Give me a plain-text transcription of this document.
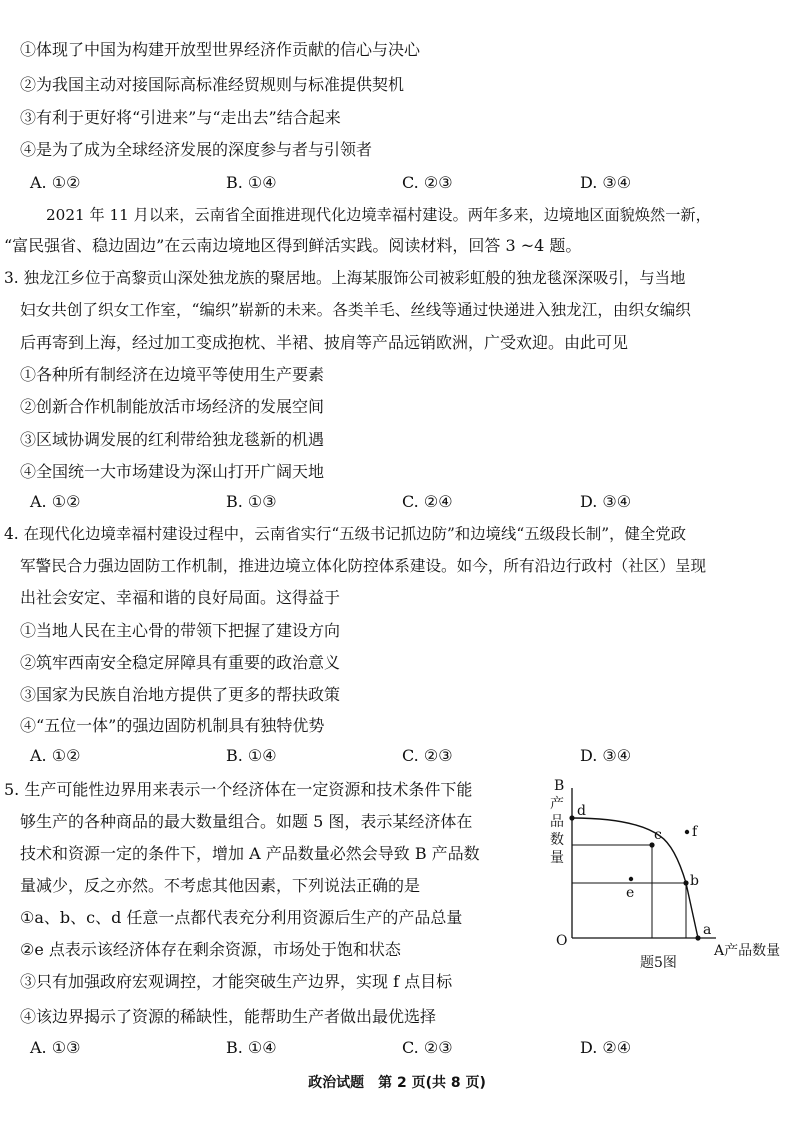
①体现了中国为构建开放型世界经济作贡献的信心与决心
②为我国主动对接国际高标准经贸规则与标准提供契机
③有利于更好将“引进来”与“走出去”结合起来
④是为了成为全球经济发展的深度参与者与引领者
A. ①②	B. ①④	C. ②③	D. ③④
2021 年 11 月以来，云南省全面推进现代化边境幸福村建设。两年多来，边境地区面貌焕然一新，
“富民强省、稳边固边”在云南边境地区得到鲜活实践。阅读材料，回答 3 ~4 题。
3. 独龙江乡位于高黎贡山深处独龙族的聚居地。上海某服饰公司被彩虹般的独龙毯深深吸引，与当地
妇女共创了织女工作室，“编织”崭新的未来。各类羊毛、丝线等通过快递进入独龙江，由织女编织
后再寄到上海，经过加工变成抱枕、半裙、披肩等产品远销欧洲，广受欢迎。由此可见
①各种所有制经济在边境平等使用生产要素
②创新合作机制能放活市场经济的发展空间
③区域协调发展的红利带给独龙毯新的机遇
④全国统一大市场建设为深山打开广阔天地
A. ①②	B. ①③	C. ②④	D. ③④
4. 在现代化边境幸福村建设过程中，云南省实行“五级书记抓边防”和边境线“五级段长制”，健全党政
军警民合力强边固防工作机制，推进边境立体化防控体系建设。如今，所有沿边行政村（社区）呈现
出社会安定、幸福和谐的良好局面。这得益于
①当地人民在主心骨的带领下把握了建设方向
②筑牢西南安全稳定屏障具有重要的政治意义
③国家为民族自治地方提供了更多的帮扶政策
④“五位一体”的强边固防机制具有独特优势
A. ①②	B. ①④	C. ②③	D. ③④
5. 生产可能性边界用来表示一个经济体在一定资源和技术条件下能
够生产的各种商品的最大数量组合。如题 5 图，表示某经济体在
技术和资源一定的条件下，增加 A 产品数量必然会导致 B 产品数
量减少，反之亦然。不考虑其他因素，下列说法正确的是
①a、b、c、d 任意一点都代表充分利用资源后生产的产品总量
②e 点表示该经济体存在剩余资源，市场处于饱和状态
③只有加强政府宏观调控，才能突破生产边界，实现 f 点目标
④该边界揭示了资源的稀缺性，能帮助生产者做出最优选择
A. ①③	B. ①④	C. ②③	D. ②④
B
产
品
数
量
O
A产品数量
d
c
b
a
e
f
题5图
政治试题　第 2 页(共 8 页)
